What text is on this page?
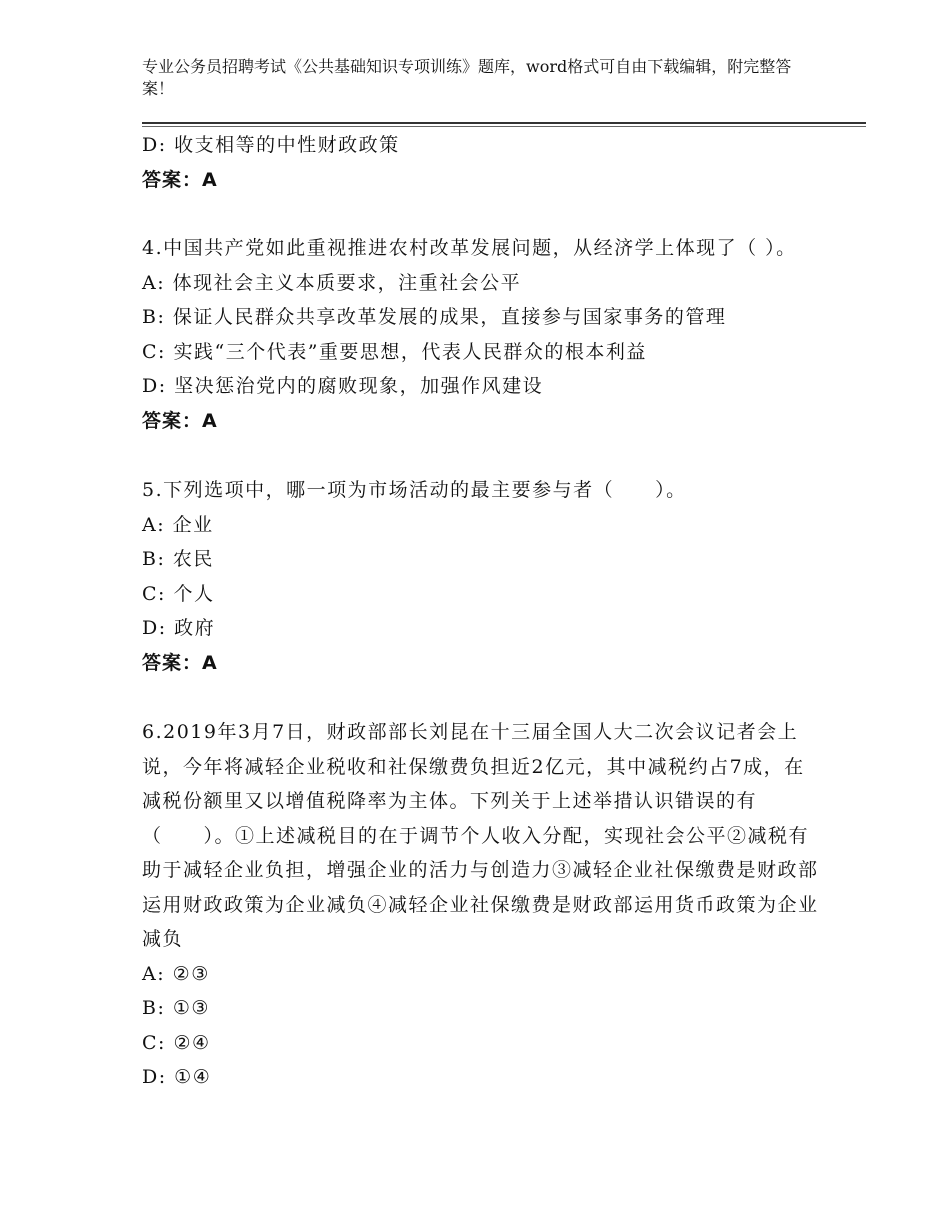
专业公务员招聘考试《公共基础知识专项训练》题库，word格式可自由下载编辑，附完整答案！
D: 收支相等的中性财政政策
答案：A
4.中国共产党如此重视推进农村改革发展问题，从经济学上体现了（ ）。
A: 体现社会主义本质要求，注重社会公平
B: 保证人民群众共享改革发展的成果，直接参与国家事务的管理
C: 实践“三个代表”重要思想，代表人民群众的根本利益
D: 坚决惩治党内的腐败现象，加强作风建设
答案：A
5.下列选项中，哪一项为市场活动的最主要参与者（　　）。
A: 企业
B: 农民
C: 个人
D: 政府
答案：A
6.2019年3月7日，财政部部长刘昆在十三届全国人大二次会议记者会上说，今年将减轻企业税收和社保缴费负担近2亿元，其中减税约占7成，在减税份额里又以增值税降率为主体。下列关于上述举措认识错误的有（　　）。①上述减税目的在于调节个人收入分配，实现社会公平②减税有助于减轻企业负担，增强企业的活力与创造力③减轻企业社保缴费是财政部运用财政政策为企业减负④减轻企业社保缴费是财政部运用货币政策为企业减负
A: ②③
B: ①③
C: ②④
D: ①④
